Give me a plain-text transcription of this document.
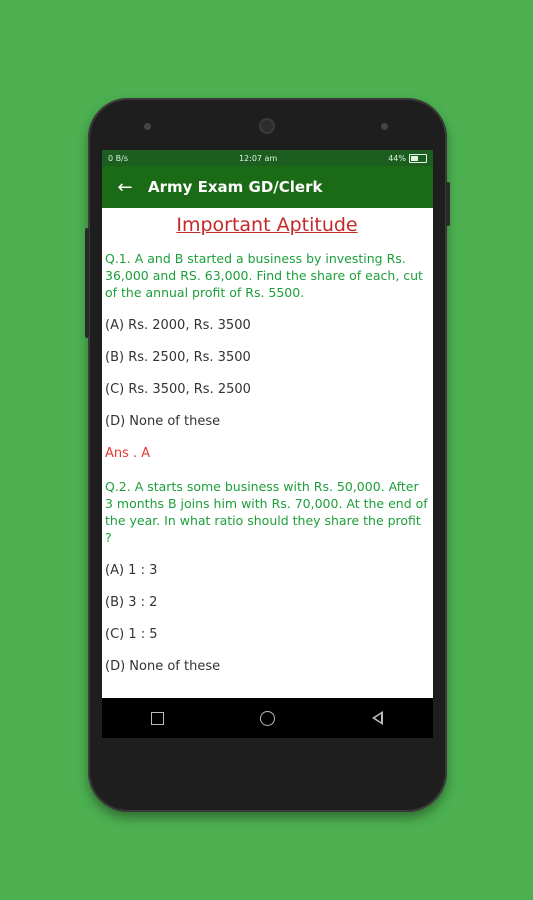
0 B/s	12:07 am	44%
←	Army Exam GD/Clerk
Important Aptitude
Q.1. A and B started a business by investing Rs. 36,000 and RS. 63,000. Find the share of each, cut of the annual profit of Rs. 5500.
(A) Rs. 2000, Rs. 3500
(B) Rs. 2500, Rs. 3500
(C) Rs. 3500, Rs. 2500
(D) None of these
Ans . A
Q.2. A starts some business with Rs. 50,000. After 3 months B joins him with Rs. 70,000. At the end of the year. In what ratio should they share the profit ?
(A) 1 : 3
(B) 3 : 2
(C) 1 : 5
(D) None of these
